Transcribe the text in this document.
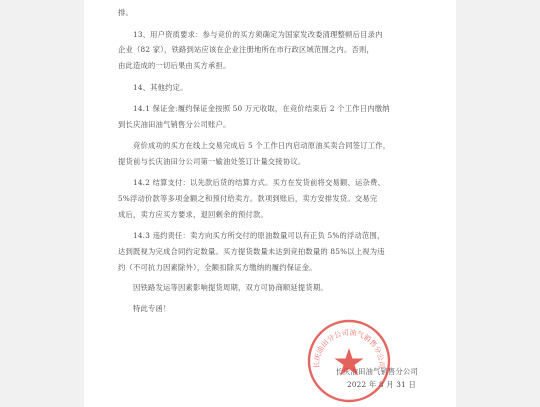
排。
13、用户资质要求：参与竞价的买方须确定为国家发改委清理整顿后目录内
企业（82 家），铁路到站应该在企业注册地所在市行政区域范围之内。否则，
由此造成的一切后果由买方承担。
14、其他约定。
14.1 保证金:履约保证金按照 50 万元收取，在竞价结束后 2 个工作日内缴纳
到长庆油田油气销售分公司账户。
竞价成功的买方在线上交易完成后 5 个工作日内启动原油买卖合同签订工作，
提货前与长庆油田分公司第一输油处签订计量交接协议。
14.2 结算支付：以先款后货的结算方式。买方在发货前将交易额、运杂费、
5%浮动价款等多项金额之和预付给卖方。款项到账后，卖方安排发货。交易完
成后，卖方应买方要求，退回剩余的预付款。
14.3 违约责任：卖方向买方所交付的原油数量可以有正负 5%的浮动范围，
达到既视为完成合同约定数量。买方提货数量未达到竞拍数量的 85%以上视为违
约（不可抗力因素除外），全额扣除买方缴纳的履约保证金。
因铁路发运等因素影响提货周期，双方可协商顺延提货期。
特此专函！
长庆油田油气销售分公司
2022 年 8 月 31 日
长庆油田分公司油气销售分公司
